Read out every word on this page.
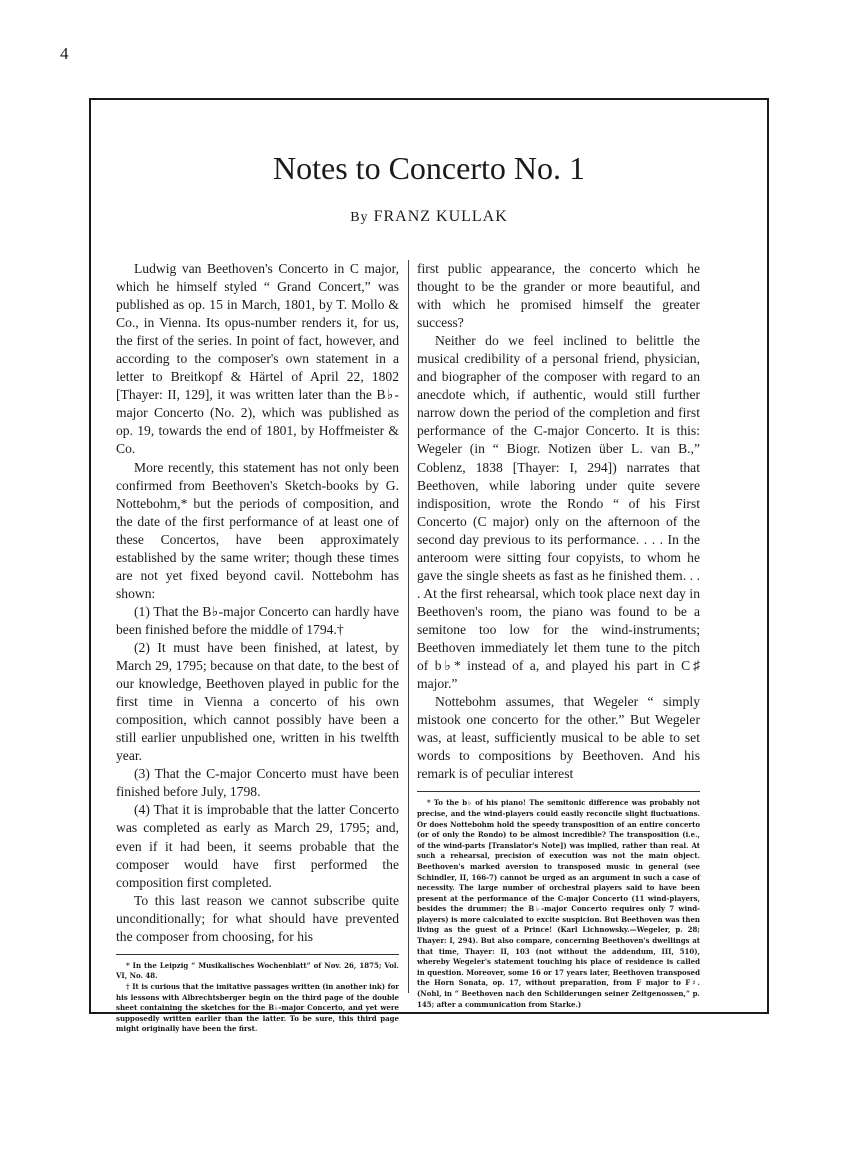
4
Notes to Concerto No. 1
By FRANZ KULLAK

Ludwig van Beethoven's Concerto in C major, which he himself styled “ Grand Concert,” was published as op. 15 in March, 1801, by T. Mollo & Co., in Vienna. Its opus-number renders it, for us, the first of the series. In point of fact, however, and according to the composer's own statement in a letter to Breitkopf & Härtel of April 22, 1802 [Thayer: II, 129], it was written later than the B♭-major Concerto (No. 2), which was published as op. 19, towards the end of 1801, by Hoffmeister & Co.

More recently, this statement has not only been confirmed from Beethoven's Sketch-books by G. Nottebohm,* but the periods of composition, and the date of the first performance of at least one of these Concertos, have been approximately established by the same writer; though these times are not yet fixed beyond cavil. Nottebohm has shown:

(1) That the B♭-major Concerto can hardly have been finished before the middle of 1794.†

(2) It must have been finished, at latest, by March 29, 1795; because on that date, to the best of our knowledge, Beethoven played in public for the first time in Vienna a concerto of his own composition, which cannot possibly have been a still earlier unpublished one, written in his twelfth year.

(3) That the C-major Concerto must have been finished before July, 1798.

(4) That it is improbable that the latter Concerto was completed as early as March 29, 1795; and, even if it had been, it seems probable that the composer would have first performed the composition first completed.

To this last reason we cannot subscribe quite unconditionally; for what should have prevented the composer from choosing, for his

* In the Leipzig “ Musikalisches Wochenblatt” of Nov. 26, 1875; Vol. VI, No. 48.

† It is curious that the imitative passages written (in another ink) for his lessons with Albrechtsberger begin on the third page of the double sheet containing the sketches for the B♭-major Concerto, and yet were supposedly written earlier than the latter. To be sure, this third page might originally have been the first.

first public appearance, the concerto which he thought to be the grander or more beautiful, and with which he promised himself the greater success?

Neither do we feel inclined to belittle the musical credibility of a personal friend, physician, and biographer of the composer with regard to an anecdote which, if authentic, would still further narrow down the period of the completion and first performance of the C-major Concerto. It is this: Wegeler (in “ Biogr. Notizen über L. van B.,” Coblenz, 1838 [Thayer: I, 294]) narrates that Beethoven, while laboring under quite severe indisposition, wrote the Rondo “ of his First Concerto (C major) only on the afternoon of the second day previous to its performance. . . . In the anteroom were sitting four copyists, to whom he gave the single sheets as fast as he finished them. . . . At the first rehearsal, which took place next day in Beethoven's room, the piano was found to be a semitone too low for the wind-instruments; Beethoven immediately let them tune to the pitch of b♭* instead of a, and played his part in C♯ major.”

Nottebohm assumes, that Wegeler “ simply mistook one concerto for the other.” But Wegeler was, at least, sufficiently musical to be able to set words to compositions by Beethoven. And his remark is of peculiar interest

* To the b♭ of his piano! The semitonic difference was probably not precise, and the wind-players could easily reconcile slight fluctuations. Or does Nottebohm hold the speedy transposition of an entire concerto (or of only the Rondo) to be almost incredible? The transposition (i.e., of the wind-parts [Translator's Note]) was implied, rather than real. At such a rehearsal, precision of execution was not the main object. Beethoven's marked aversion to transposed music in general (see Schindler, II, 166-7) cannot be urged as an argument in such a case of necessity. The large number of orchestral players said to have been present at the performance of the C-major Concerto (11 wind-players, besides the drummer; the B♭-major Concerto requires only 7 wind-players) is more calculated to excite suspicion. But Beethoven was then living as the guest of a Prince! (Karl Lichnowsky.—Wegeler, p. 28; Thayer: I, 294). But also compare, concerning Beethoven's dwellings at that time, Thayer: II, 103 (not without the addendum, III, 510), whereby Wegeler's statement touching his place of residence is called in question. Moreover, some 16 or 17 years later, Beethoven transposed the Horn Sonata, op. 17, without preparation, from F major to F♯. (Nohl, in “ Beethoven nach den Schilderungen seiner Zeitgenossen,” p. 145; after a communication from Starke.)
